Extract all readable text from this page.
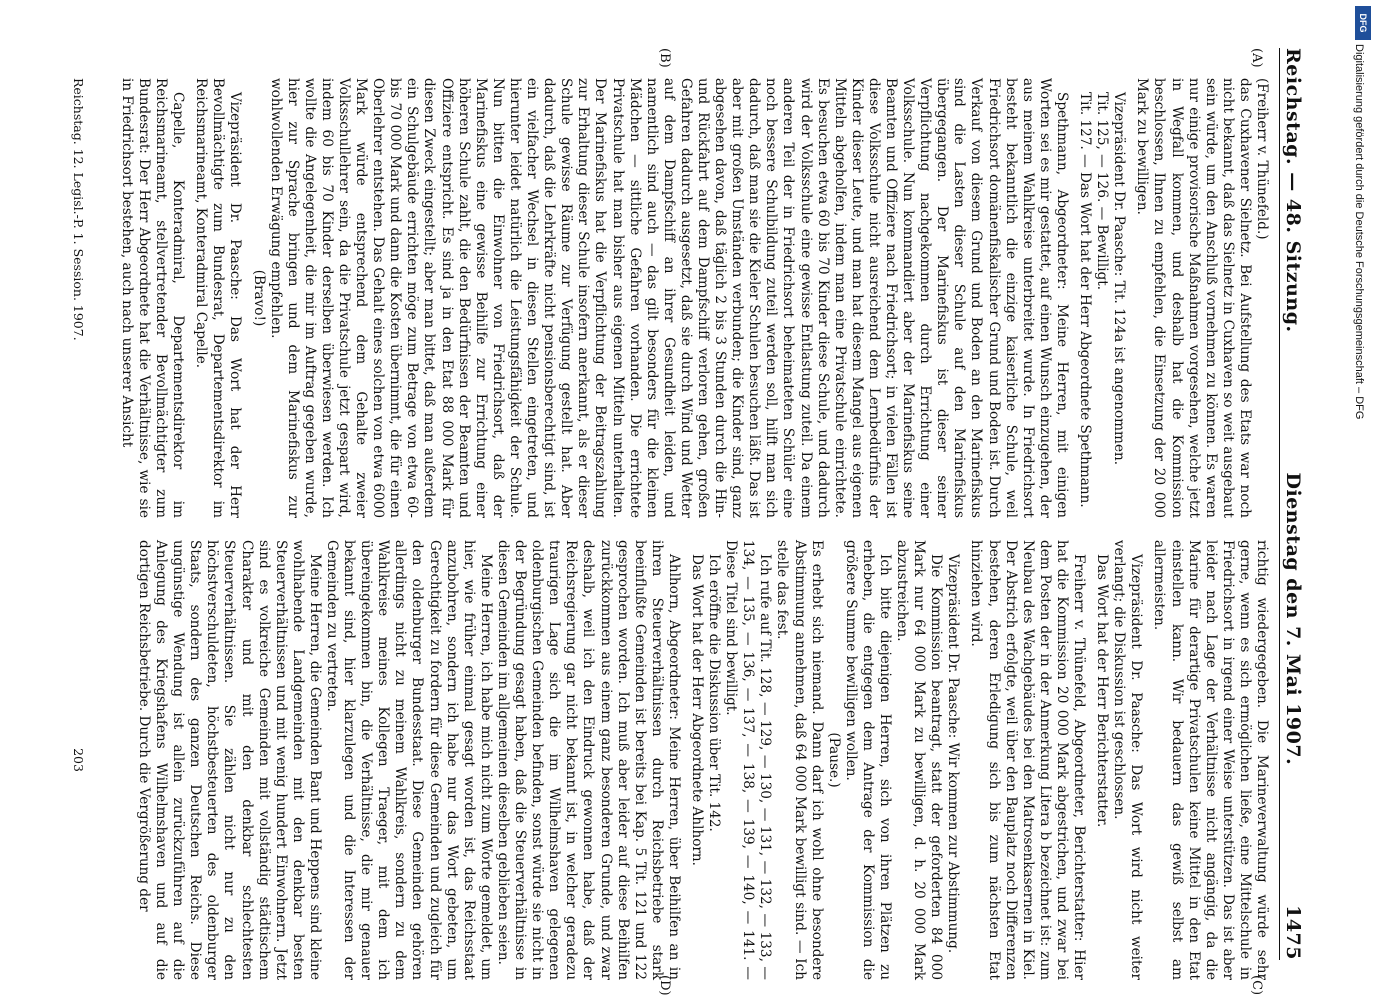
Reichstag. — 48. Sitzung.
Dienstag den 7. Mai 1907.
1475
(A)
(B)
(C)
(D)

(Freiherr v. Thünefeld.)

das Cuxhavener Sielnetz. Bei Aufstellung des Etats war noch nicht bekannt, daß das Sielnetz in Cuxhaven so weit ausgebaut sein würde, um den Anschluß vornehmen zu können. Es waren nur einige provisorische Maßnahmen vorgesehen, welche jetzt in Wegfall kommen, und deshalb hat die Kommission beschlossen, Ihnen zu empfehlen, die Einsetzung der 20 000 Mark zu bewilligen.

Vizepräsident Dr. Paasche: Tit. 124a ist angenommen.

Tit. 125, — 126. — Bewilligt.

Tit. 127. — Das Wort hat der Herr Abgeordnete Spethmann.

Spethmann, Abgeordneter: Meine Herren, mit einigen Worten sei es mir gestattet, auf einen Wunsch einzugehen, der aus meinem Wahlkreise unterbreitet wurde. In Friedrichsort besteht bekanntlich die einzige kaiserliche Schule, weil Friedrichsort domänenfiskalischer Grund und Boden ist. Durch Verkauf von diesem Grund und Boden an den Marinefiskus sind die Lasten dieser Schule auf den Marinefiskus übergegangen. Der Marinefiskus ist dieser seiner Verpflichtung nachgekommen durch Errichtung einer Volksschule. Nun kommandiert aber der Marinefiskus seine Beamten und Offiziere nach Friedrichsort; in vielen Fällen ist diese Volksschule nicht ausreichend dem Lernbedürfnis der Kinder dieser Leute, und man hat diesem Mangel aus eigenen Mitteln abgeholfen, indem man eine Privatschule einrichtete. Es besuchen etwa 60 bis 70 Kinder diese Schule, und dadurch wird der Volksschule eine gewisse Entlastung zuteil. Da einem anderen Teil der in Friedrichsort beheimateten Schüler eine noch bessere Schulbildung zuteil werden soll, hilft man sich dadurch, daß man sie die Kieler Schulen besuchen läßt. Das ist aber mit großen Umständen verbunden; die Kinder sind, ganz abgesehen davon, daß täglich 2 bis 3 Stunden durch die Hin- und Rückfahrt auf dem Dampfschiff verloren gehen, großen Gefahren dadurch ausgesetzt, daß sie durch Wind und Wetter auf dem Dampfschiff an ihrer Gesundheit leiden, und namentlich sind auch — das gilt besonders für die kleinen Mädchen — sittliche Gefahren vorhanden. Die errichtete Privatschule hat man bisher aus eigenen Mitteln unterhalten. Der Marinefiskus hat die Verpflichtung der Beitragszahlung zur Erhaltung dieser Schule insofern anerkannt, als er dieser Schule gewisse Räume zur Verfügung gestellt hat. Aber dadurch, daß die Lehrkräfte nicht pensionsberechtigt sind, ist ein vielfacher Wechsel in diesen Stellen eingetreten, und hierunter leidet natürlich die Leistungsfähigkeit der Schule. Nun bitten die Einwohner von Friedrichsort, daß der Marinefiskus eine gewisse Beihilfe zur Errichtung einer höheren Schule zahlt, die den Bedürfnissen der Beamten und Offiziere entspricht. Es sind ja in den Etat 88 000 Mark für diesen Zweck eingestellt; aber man bittet, daß man außerdem ein Schulgebäude errichten möge zum Betrage von etwa 60- bis 70 000 Mark und dann die Kosten übernimmt, die für einen Oberlehrer entstehen. Das Gehalt eines solchen von etwa 6000 Mark würde entsprechend dem Gehalte zweier Volksschullehrer sein, da die Privatschule jetzt gespart wird, indem 60 bis 70 Kinder derselben überwiesen werden. Ich wollte die Angelegenheit, die mir im Auftrag gegeben wurde, hier zur Sprache bringen und dem Marinefiskus zur wohlwollenden Erwägung empfehlen.

(Bravo!)

Vizepräsident Dr. Paasche: Das Wort hat der Herr Bevollmächtigte zum Bundesrat, Departementsdirektor im Reichsmarineamt, Konteradmiral Capelle.

Capelle, Konteradmiral, Departementsdirektor im Reichsmarineamt, stellvertretender Bevollmächtigter zum Bundesrat: Der Herr Abgeordnete hat die Verhältnisse, wie sie in Friedrichsort bestehen, auch nach unserer Ansicht

richtig wiedergegeben. Die Marineverwaltung würde sehr gerne, wenn es sich ermöglichen ließe, eine Mittelschule in Friedrichsort in irgend einer Weise unterstützen. Das ist aber leider nach Lage der Verhältnisse nicht angängig, da die Marine für derartige Privatschulen keine Mittel in den Etat einstellen kann. Wir bedauern das gewiß selbst am allermeisten.

Vizepräsident Dr. Paasche: Das Wort wird nicht weiter verlangt; die Diskussion ist geschlossen.

Das Wort hat der Herr Berichterstatter.

Freiherr v. Thünefeld, Abgeordneter, Berichterstatter: Hier hat die Kommission 20 000 Mark abgestrichen, und zwar bei dem Posten der in der Anmerkung Litera b bezeichnet ist: zum Neubau des Wachgebäudes bei den Matrosenkasernen in Kiel. Der Abstrich erfolgte, weil über den Bauplatz noch Differenzen bestehen, deren Erledigung sich bis zum nächsten Etat hinziehen wird.

Vizepräsident Dr. Paasche: Wir kommen zur Abstimmung.

Die Kommission beantragt, statt der geforderten 84 000 Mark nur 64 000 Mark zu bewilligen, d. h. 20 000 Mark abzustreichen.

Ich bitte diejenigen Herren, sich von ihren Plätzen zu erheben, die entgegen dem Antrage der Kommission die größere Summe bewilligen wollen.

(Pause.)

Es erhebt sich niemand. Dann darf ich wohl ohne besondere Abstimmung annehmen, daß 64 000 Mark bewilligt sind. — Ich stelle das fest.

Ich rufe auf Tit. 128, — 129, — 130, — 131, — 132, — 133, — 134, — 135, — 136, — 137, — 138, — 139, — 140, — 141. — Diese Titel sind bewilligt.

Ich eröffne die Diskussion über Tit. 142.

Das Wort hat der Herr Abgeordnete Ahlhorn.

Ahlhorn, Abgeordneter: Meine Herren, über Beihilfen an in ihren Steuerverhältnissen durch Reichsbetriebe stark beeinflußte Gemeinden ist bereits bei Kap. 5 Tit. 121 und 122 gesprochen worden. Ich muß aber leider auf diese Beihilfen zurückkommen aus einem ganz besonderen Grunde, und zwar deshalb, weil ich den Eindruck gewonnen habe, daß der Reichsregierung gar nicht bekannt ist, in welcher geradezu traurigen Lage sich die im Wilhelmshaven gelegenen oldenburgischen Gemeinden befinden, sonst würde sie nicht in der Begründung gesagt haben, daß die Steuerverhältnisse in diesen Gemeinden im allgemeinen dieselben geblieben seien.

Meine Herren, ich habe mich nicht zum Worte gemeldet, um hier, wie früher einmal gesagt worden ist, das Reichsstaat anzubohren, sondern ich habe nur das Wort gebeten, um Gerechtigkeit zu fordern für diese Gemeinden und zugleich für den oldenburger Bundesstaat. Diese Gemeinden gehören allerdings nicht zu meinem Wahlkreis, sondern zu dem Wahlkreise meines Kollegen Traeger, mit dem ich übereingekommen bin, die Verhältnisse, die mir genauer bekannt sind, hier klarzulegen und die Interessen der Gemeinden zu vertreten.

Meine Herren, die Gemeinden Bant und Heppens sind kleine wohlhabende Landgemeinden mit den denkbar besten Steuerverhältnissen und mit wenig hundert Einwohnern. Jetzt sind es volkreiche Gemeinden mit vollständig städtischem Charakter und mit den denkbar schlechtesten Steuerverhältnissen. Sie zählen nicht nur zu den höchstverschuldeten, höchstbesteuerten des oldenburger Staats, sondern des ganzen Deutschen Reichs. Diese ungünstige Wendung ist allein zurückzuführen auf die Anlegung des Kriegshafens Wilhelmshaven und auf die dortigen Reichsbetriebe. Durch die Vergrößerung der

Reichstag. 12. Legisl.-P. 1. Session. 1907.
203
DFG
Digitalisierung gefördert durch die Deutsche Forschungsgemeinschaft – DFG
